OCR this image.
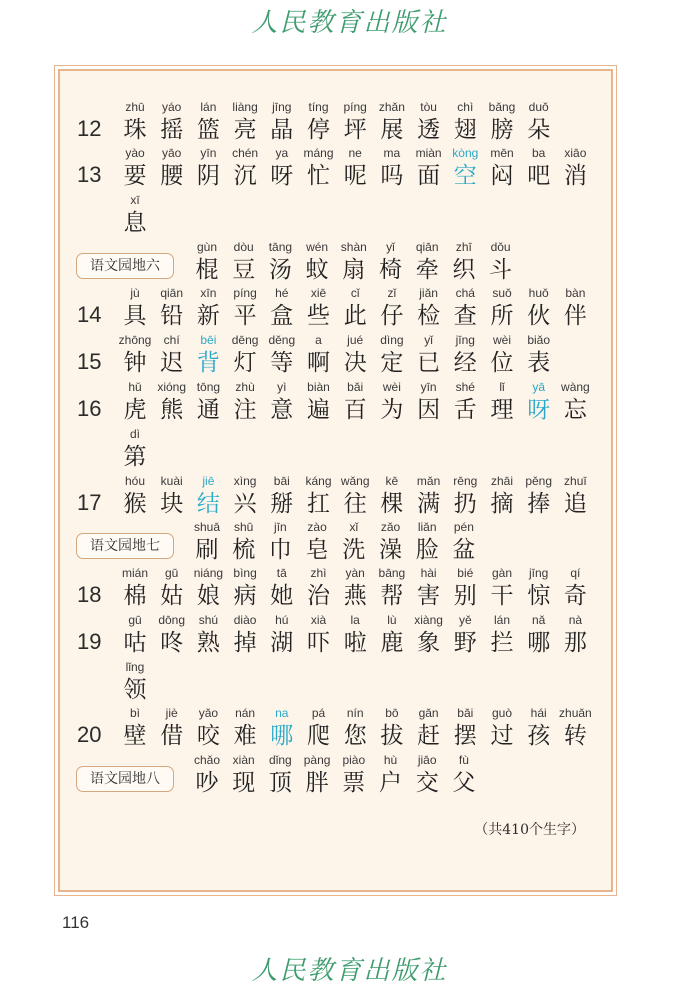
人民教育出版社
（共410个生字）
12
zhū
珠
yáo
摇
lán
篮
liàng
亮
jīng
晶
tíng
停
píng
坪
zhǎn
展
tòu
透
chì
翅
bǎng
膀
duǒ
朵
13
yào
要
yāo
腰
yīn
阴
chén
沉
ya
呀
máng
忙
ne
呢
ma
吗
miàn
面
kòng
空
mēn
闷
ba
吧
xiāo
消
xī
息
语文园地六
gùn
棍
dòu
豆
tāng
汤
wén
蚊
shàn
扇
yǐ
椅
qiān
牵
zhī
织
dǒu
斗
14
jù
具
qiān
铅
xīn
新
píng
平
hé
盒
xiē
些
cǐ
此
zǐ
仔
jiǎn
检
chá
查
suǒ
所
huǒ
伙
bàn
伴
15
zhōng
钟
chí
迟
bēi
背
dēng
灯
děng
等
a
啊
jué
决
dìng
定
yǐ
已
jīng
经
wèi
位
biǎo
表
16
hǔ
虎
xióng
熊
tōng
通
zhù
注
yì
意
biàn
遍
bǎi
百
wèi
为
yīn
因
shé
舌
lǐ
理
yā
呀
wàng
忘
dì
第
17
hóu
猴
kuài
块
jiē
结
xìng
兴
bāi
掰
káng
扛
wǎng
往
kē
棵
mǎn
满
rēng
扔
zhāi
摘
pěng
捧
zhuī
追
语文园地七
shuā
刷
shū
梳
jīn
巾
zào
皂
xǐ
洗
zǎo
澡
liǎn
脸
pén
盆
18
mián
棉
gū
姑
niáng
娘
bìng
病
tā
她
zhì
治
yàn
燕
bāng
帮
hài
害
bié
别
gàn
干
jīng
惊
qí
奇
19
gū
咕
dōng
咚
shú
熟
diào
掉
hú
湖
xià
吓
la
啦
lù
鹿
xiàng
象
yě
野
lán
拦
nǎ
哪
nà
那
lǐng
领
20
bì
壁
jiè
借
yǎo
咬
nán
难
na
哪
pá
爬
nín
您
bō
拔
gǎn
赶
bǎi
摆
guò
过
hái
孩
zhuǎn
转
语文园地八
chǎo
吵
xiàn
现
dǐng
顶
pàng
胖
piào
票
hù
户
jiāo
交
fù
父
116
人民教育出版社
